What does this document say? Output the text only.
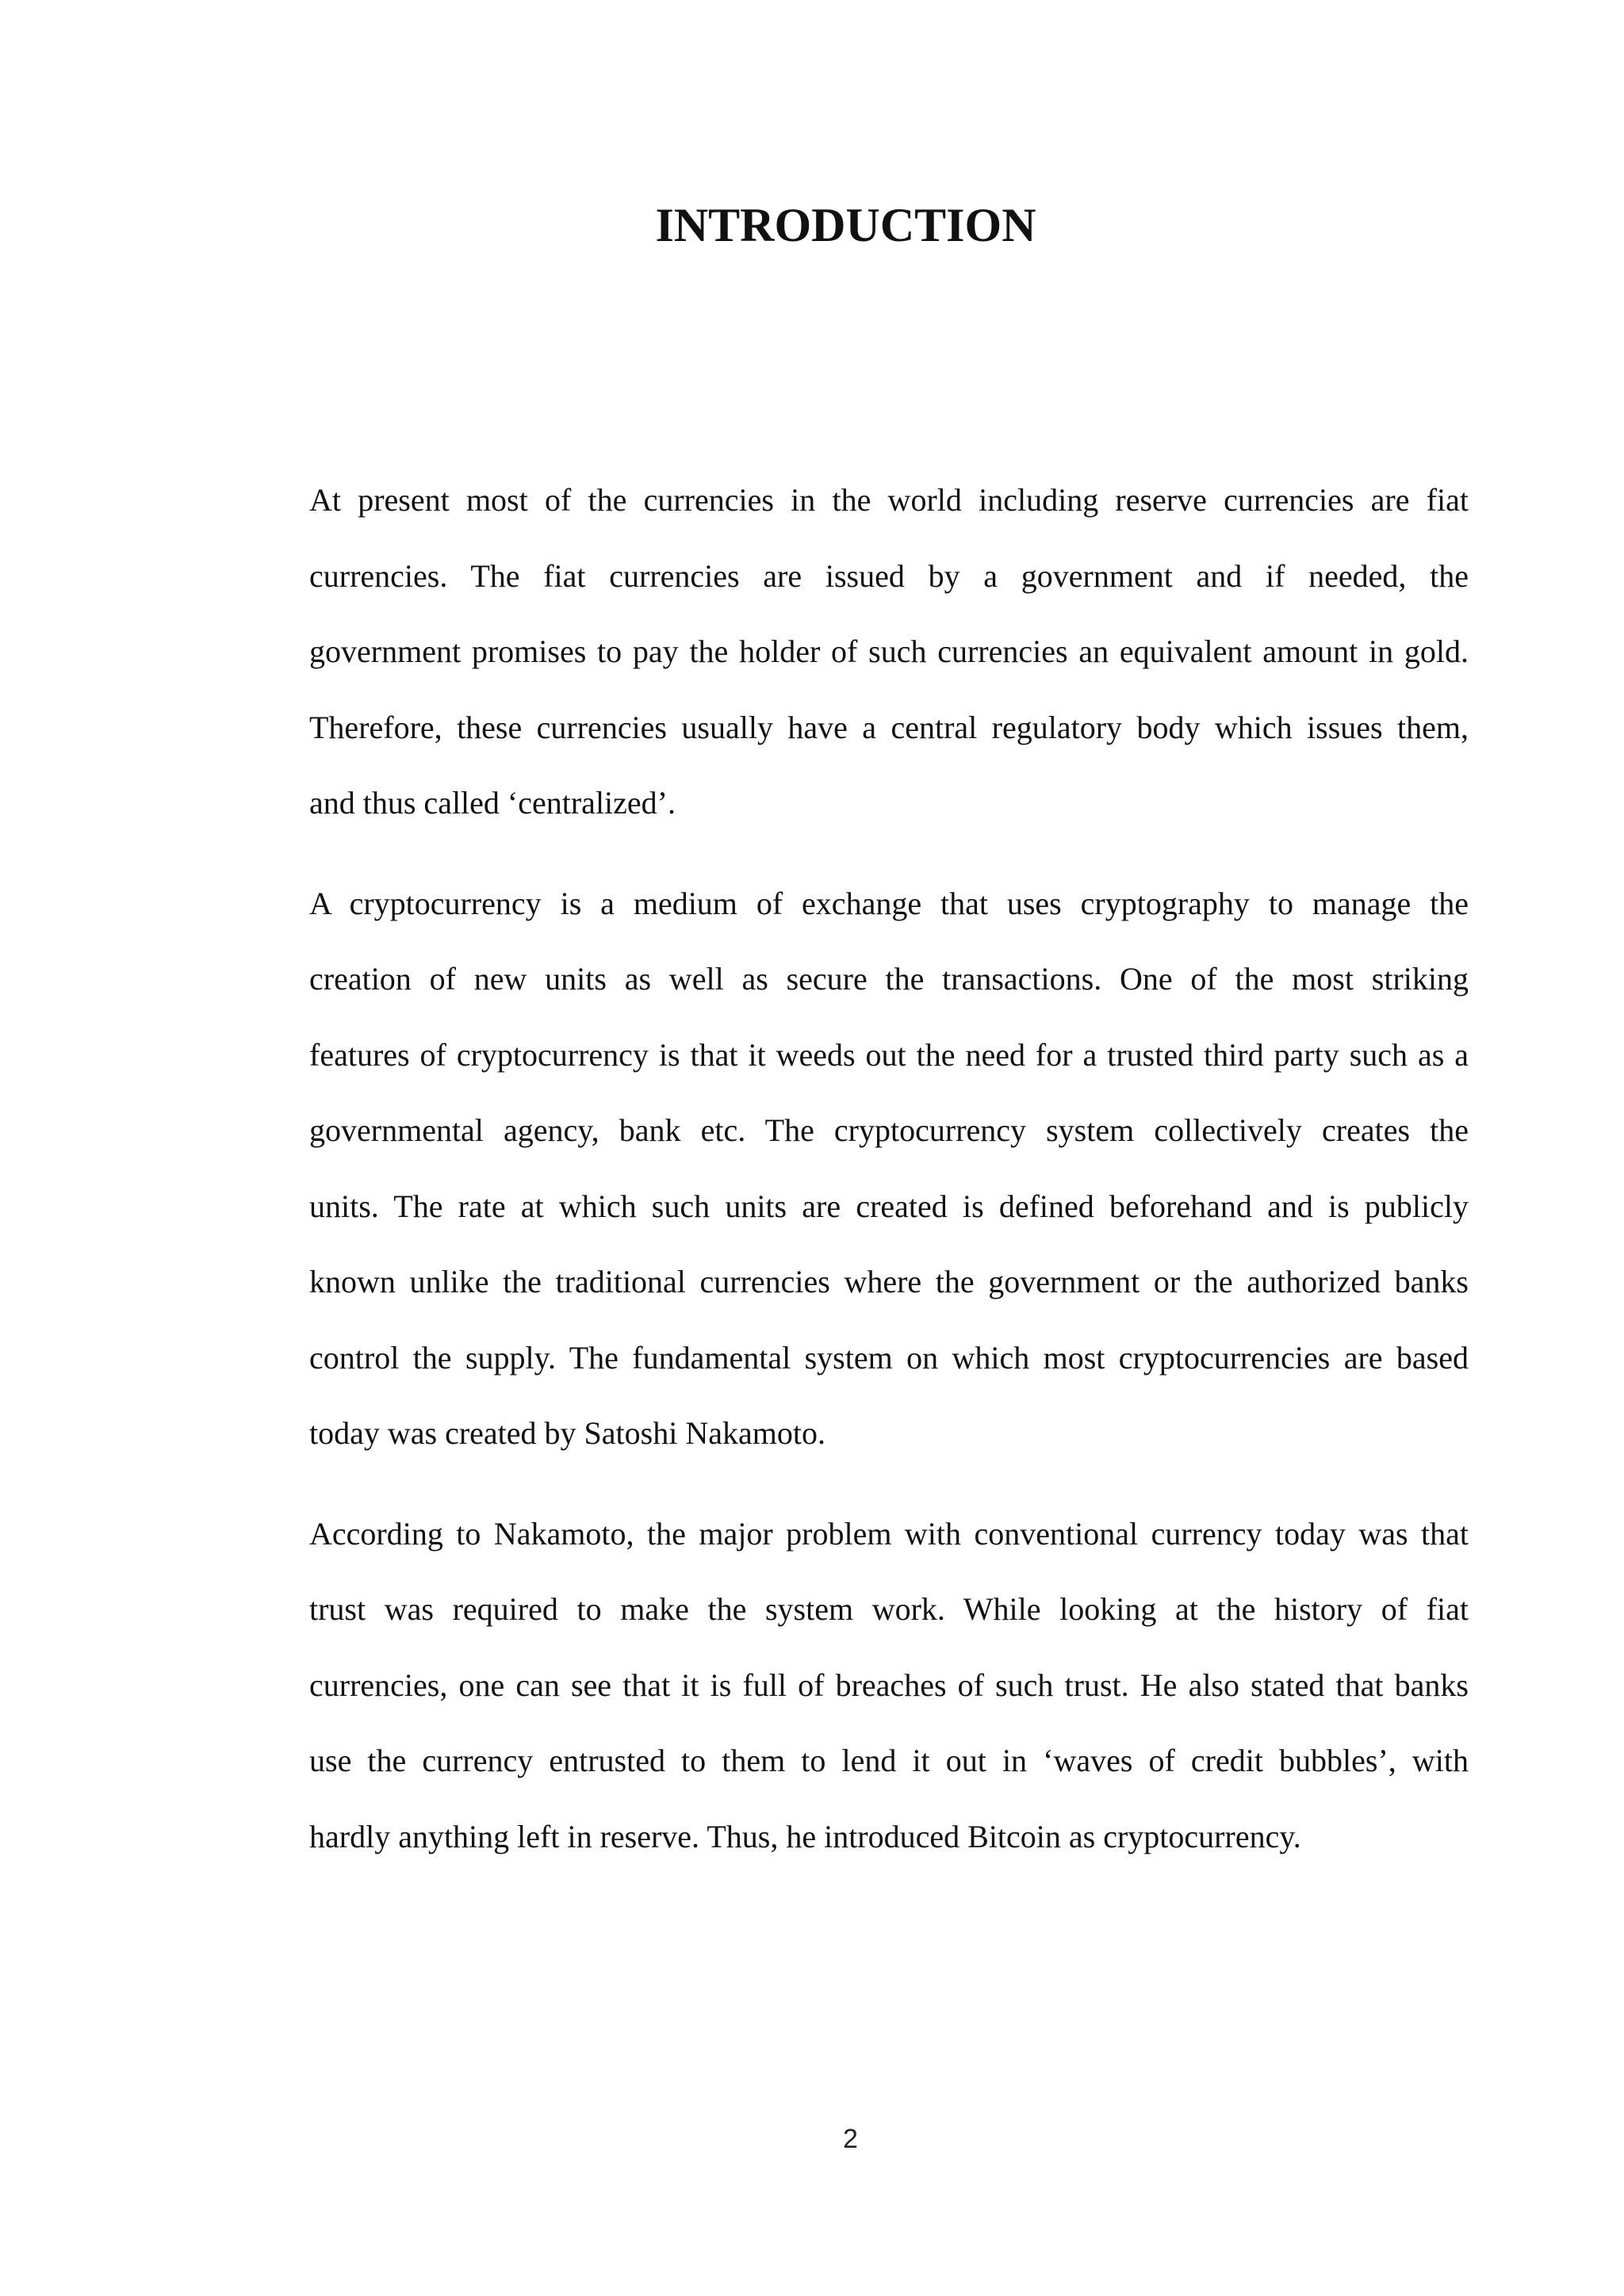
INTRODUCTION

At present most of the currencies in the world including reserve currencies are fiat
currencies. The fiat currencies are issued by a government and if needed, the
government promises to pay the holder of such currencies an equivalent amount in gold.
Therefore, these currencies usually have a central regulatory body which issues them,
and thus called ‘centralized’.

A cryptocurrency is a medium of exchange that uses cryptography to manage the
creation of new units as well as secure the transactions. One of the most striking
features of cryptocurrency is that it weeds out the need for a trusted third party such as a
governmental agency, bank etc. The cryptocurrency system collectively creates the
units. The rate at which such units are created is defined beforehand and is publicly
known unlike the traditional currencies where the government or the authorized banks
control the supply. The fundamental system on which most cryptocurrencies are based
today was created by Satoshi Nakamoto.

According to Nakamoto, the major problem with conventional currency today was that
trust was required to make the system work. While looking at the history of fiat
currencies, one can see that it is full of breaches of such trust. He also stated that banks
use the currency entrusted to them to lend it out in ‘waves of credit bubbles’, with
hardly anything left in reserve. Thus, he introduced Bitcoin as cryptocurrency.

2
